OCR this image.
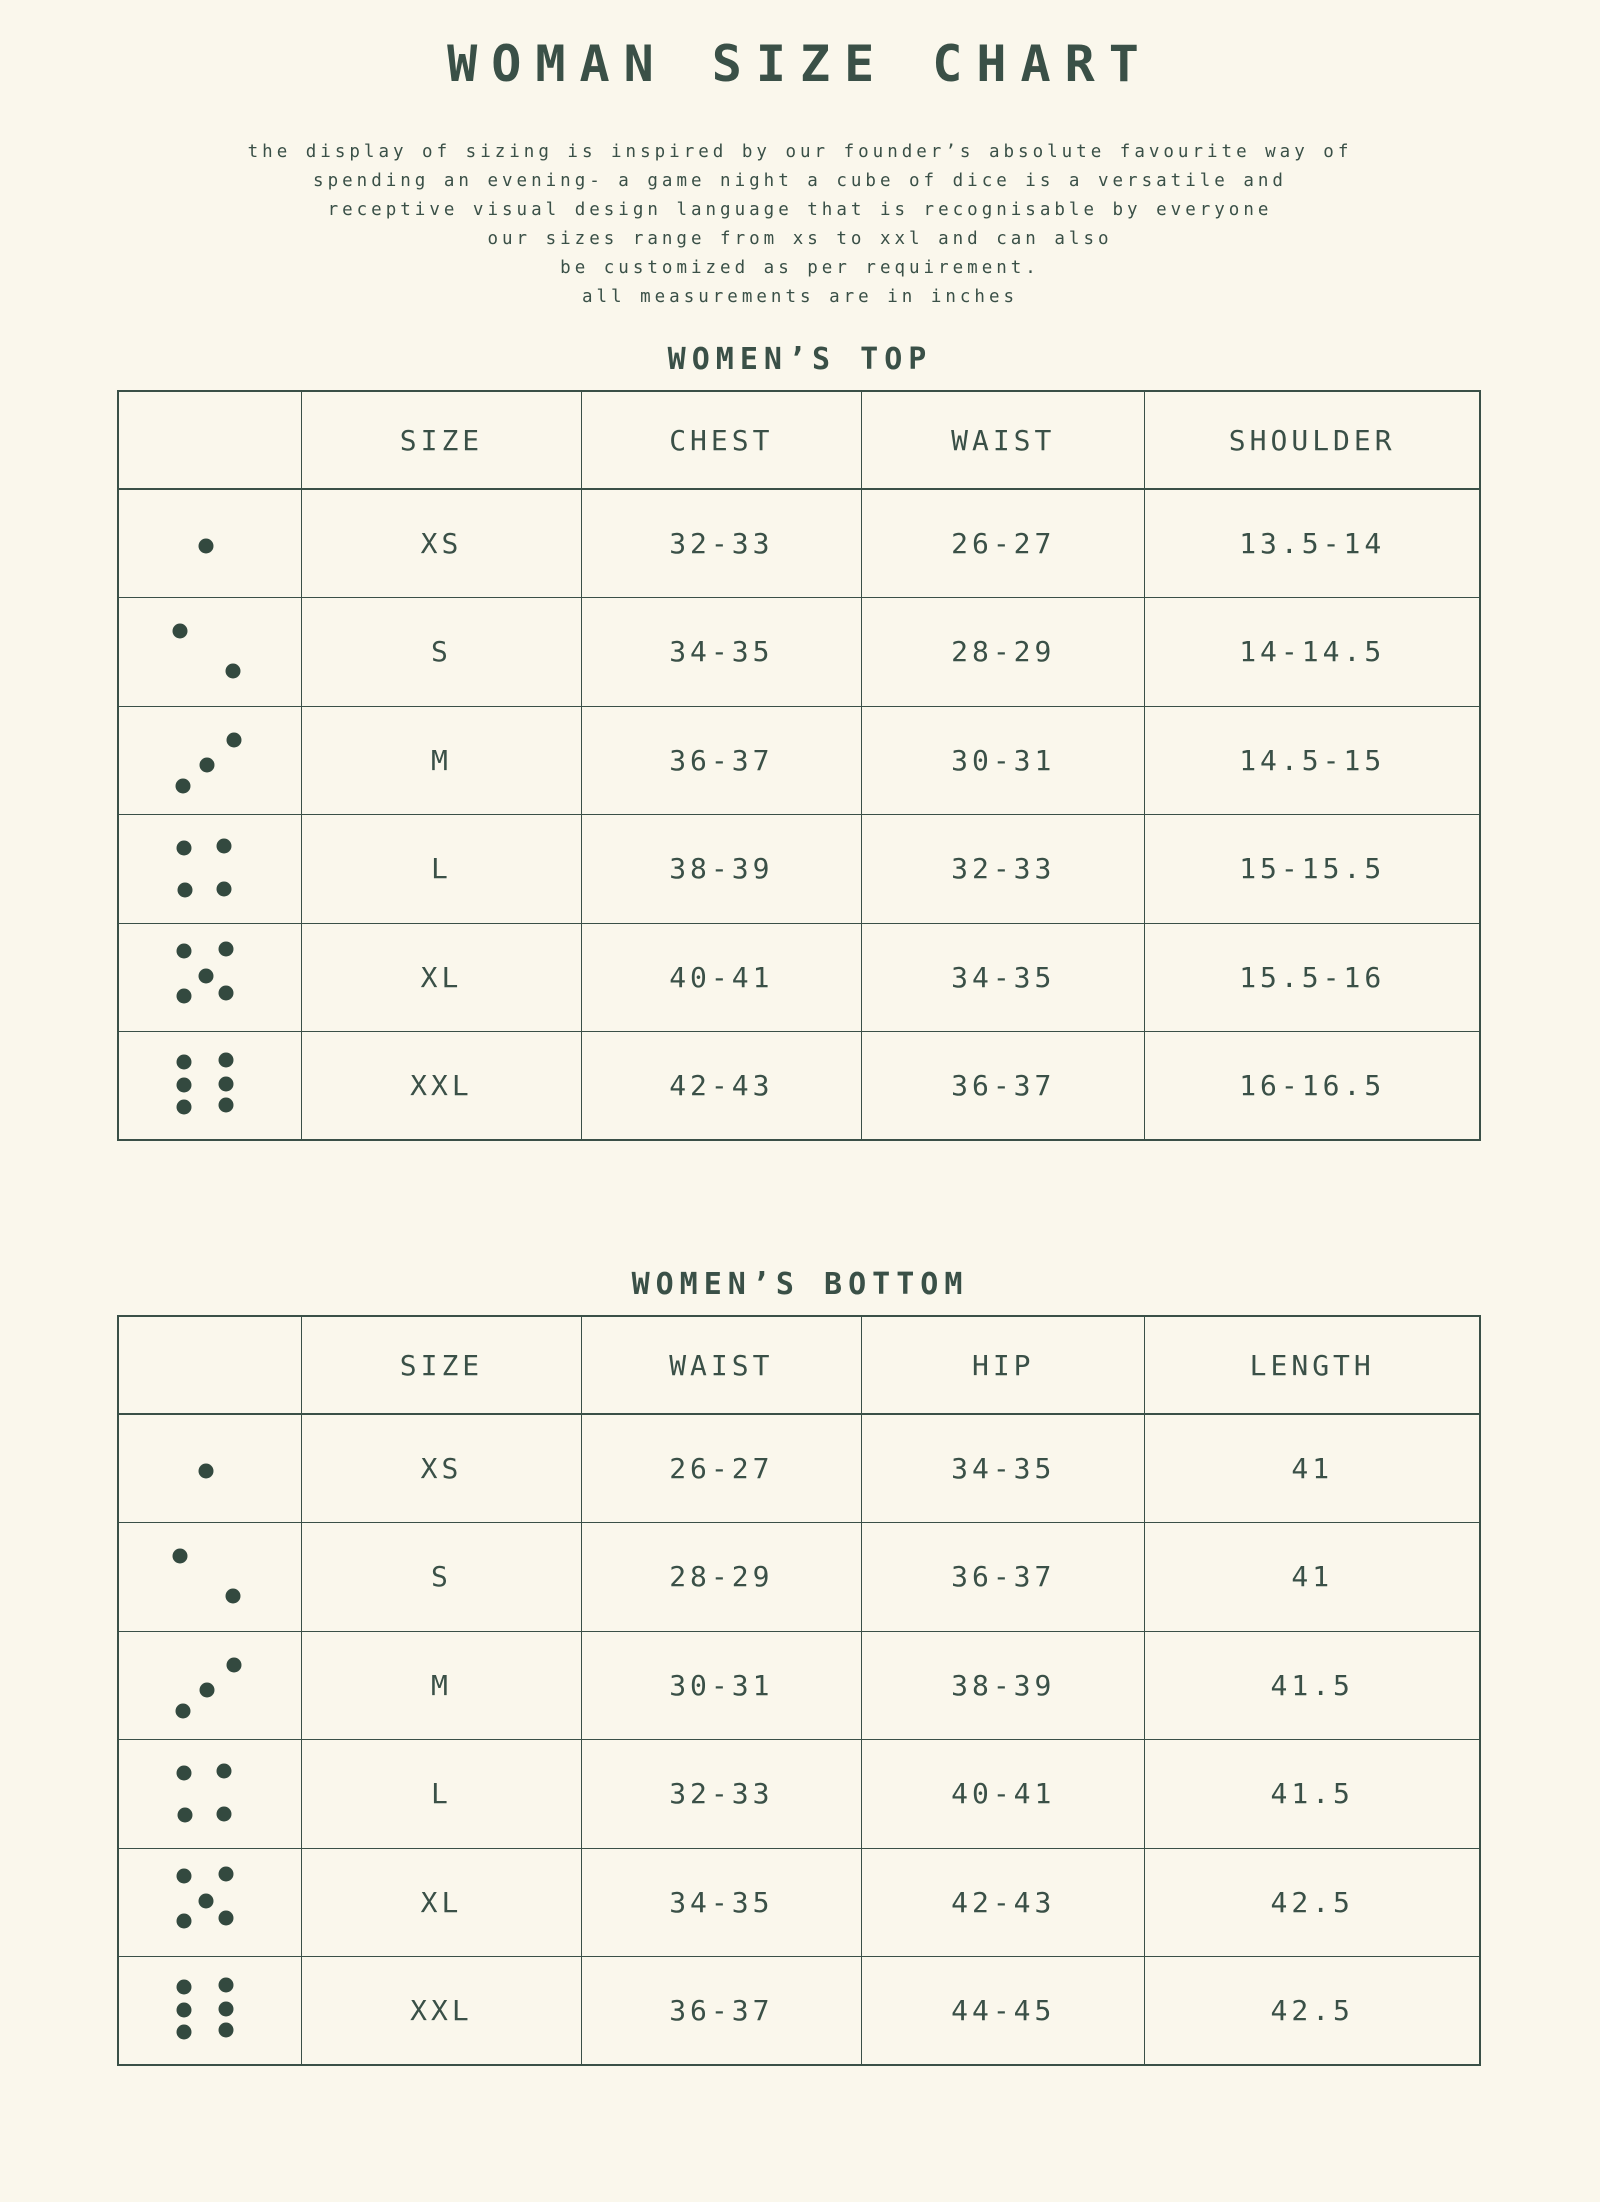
WOMAN SIZE CHART
the display of sizing is inspired by our founder’s absolute favourite way of
spending an evening- a game night a cube of dice is a versatile and
receptive visual design language that is recognisable by everyone
our sizes range from xs to xxl and can also
be customized as per requirement.
all measurements are in inches
WOMEN’S TOP
	SIZE	CHEST	WAIST	SHOULDER

	XS	32-33	26-27	13.5-14

	S	34-35	28-29	14-14.5

	M	36-37	30-31	14.5-15

	L	38-39	32-33	15-15.5

	XL	40-41	34-35	15.5-16

	XXL	42-43	36-37	16-16.5
WOMEN’S BOTTOM
	SIZE	WAIST	HIP	LENGTH

	XS	26-27	34-35	41

	S	28-29	36-37	41

	M	30-31	38-39	41.5

	L	32-33	40-41	41.5

	XL	34-35	42-43	42.5

	XXL	36-37	44-45	42.5
